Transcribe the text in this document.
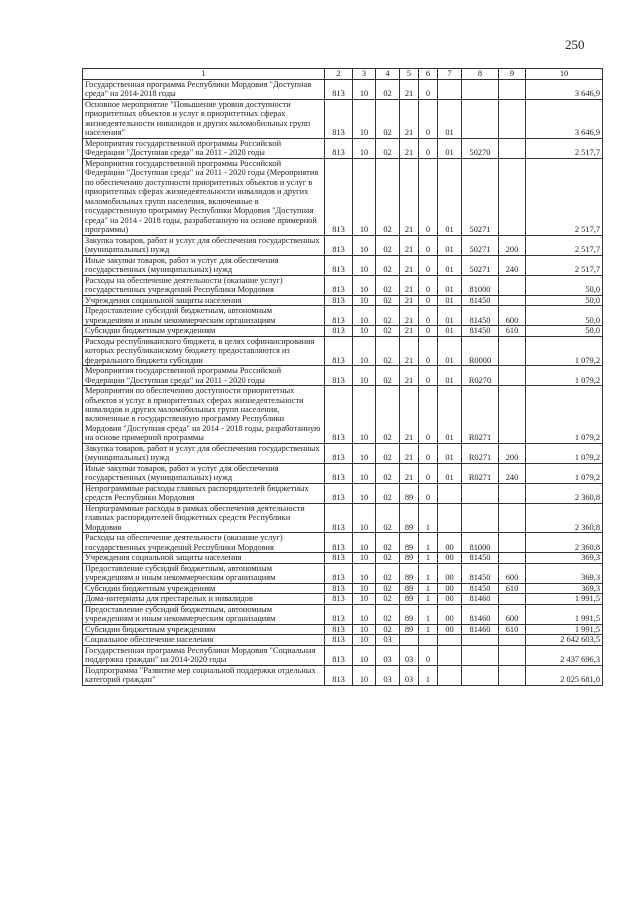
250
1	2	3	4	5	6	7	8	9	10
Государственная программа Республики Мордовия "Доступная среда" на 2014-2018 годы	813	10	02	21	0				3 646,9
Основное мероприятие "Повышение уровня доступности приоритетных объектов и услуг в приоритетных сферах жизнедеятельности инвалидов и других маломобильных групп населения"	813	10	02	21	0	01			3 646,9
Мероприятия государственной программы Российской Федерации "Доступная среда" на 2011 - 2020 годы	813	10	02	21	0	01	50270		2 517,7
Мероприятия государственной программы Российской Федерации "Доступная среда" на 2011 - 2020 годы (Мероприятия по обеспечению доступности приоритетных объектов и услуг в приоритетных сферах жизнедеятельности инвалидов и других маломобильных групп населения, включенные в государственную программу Республики Мордовия "Доступная среда" на 2014 - 2018 годы, разработанную на основе примерной программы)	813	10	02	21	0	01	50271		2 517,7
Закупка товаров, работ и услуг для обеспечения государственных (муниципальных) нужд	813	10	02	21	0	01	50271	200	2 517,7
Иные закупки товаров, работ и услуг для обеспечения государственных (муниципальных) нужд	813	10	02	21	0	01	50271	240	2 517,7
Расходы на обеспечение деятельности (оказание услуг) государственных учреждений Республики Мордовия	813	10	02	21	0	01	81000		50,0
Учреждения социальной защиты населения	813	10	02	21	0	01	81450		50,0
Предоставление субсидий бюджетным, автономным учреждениям и иным некоммерческим организациям	813	10	02	21	0	01	81450	600	50,0
Субсидии бюджетным учреждениям	813	10	02	21	0	01	81450	610	50,0
Расходы республиканского бюджета, в целях софинансирования которых республиканскому бюджету предоставляются из федерального бюджета субсидии	813	10	02	21	0	01	R0000		1 079,2
Мероприятия государственной программы Российской Федерации "Доступная среда" на 2011 - 2020 годы	813	10	02	21	0	01	R0270		1 079,2
Мероприятия по обеспечению доступности приоритетных объектов и услуг в приоритетных сферах жизнедеятельности инвалидов и других маломобильных групп населения, включенные в государственную программу Республики Мордовия "Доступная среда" на 2014 - 2018 годы, разработанную на основе примерной программы	813	10	02	21	0	01	R0271		1 079,2
Закупка товаров, работ и услуг для обеспечения государственных (муниципальных) нужд	813	10	02	21	0	01	R0271	200	1 079,2
Иные закупки товаров, работ и услуг для обеспечения государственных (муниципальных) нужд	813	10	02	21	0	01	R0271	240	1 079,2
Непрограммные расходы главных распорядителей бюджетных средств Республики Мордовия	813	10	02	89	0				2 360,8
Непрограммные расходы в рамках обеспечения деятельности главных распорядителей бюджетных средств Республики Мордовия	813	10	02	89	1				2 360,8
Расходы на обеспечение деятельности (оказание услуг) государственных учреждений Республики Мордовия	813	10	02	89	1	00	81000		2 360,8
Учреждения социальной защиты населения	813	10	02	89	1	00	81450		369,3
Предоставление субсидий бюджетным, автономным учреждениям и иным некоммерческим организациям	813	10	02	89	1	00	81450	600	369,3
Субсидии бюджетным учреждениям	813	10	02	89	1	00	81450	610	369,3
Дома-интернаты для престарелых и инвалидов	813	10	02	89	1	00	81460		1 991,5
Предоставление субсидий бюджетным, автономным учреждениям и иным некоммерческим организациям	813	10	02	89	1	00	81460	600	1 991,5
Субсидии бюджетным учреждениям	813	10	02	89	1	00	81460	610	1 991,5
Социальное обеспечение населения	813	10	03						2 642 603,5
Государственная программа Республики Мордовия "Социальная поддержка граждан" на 2014-2020 годы	813	10	03	03	0				2 437 696,3
Подпрограмма "Развитие мер социальной поддержки отдельных категорий граждан"	813	10	03	03	1				2 025 681,0
